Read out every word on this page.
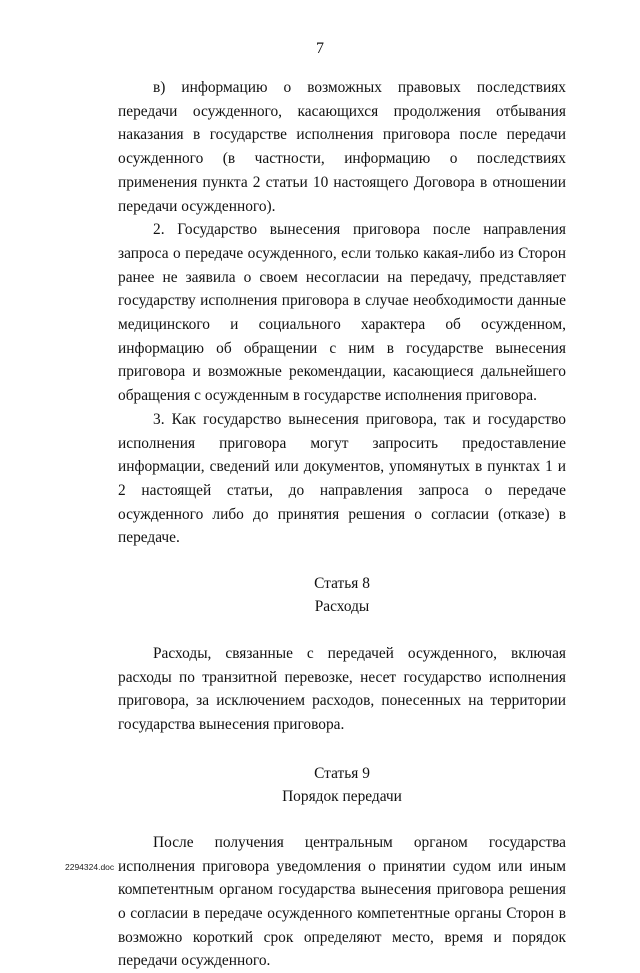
7

в) информацию о возможных правовых последствиях передачи осужденного, касающихся продолжения отбывания наказания в государстве исполнения приговора после передачи осужденного (в частности, информацию о последствиях применения пункта 2 статьи 10 настоящего Договора в отношении передачи осужденного).

2. Государство вынесения приговора после направления запроса о передаче осужденного, если только какая-либо из Сторон ранее не заявила о своем несогласии на передачу, представляет государству исполнения приговора в случае необходимости данные медицинского и социального характера об осужденном, информацию об обращении с ним в государстве вынесения приговора и возможные рекомендации, касающиеся дальнейшего обращения с осужденным в государстве исполнения приговора.

3. Как государство вынесения приговора, так и государство исполнения приговора могут запросить предоставление информации, сведений или документов, упомянутых в пунктах 1 и 2 настоящей статьи, до направления запроса о передаче осужденного либо до принятия решения о согласии (отказе) в передаче.

Статья 8
Расходы

Расходы, связанные с передачей осужденного, включая расходы по транзитной перевозке, несет государство исполнения приговора, за исключением расходов, понесенных на территории государства вынесения приговора.

Статья 9
Порядок передачи

После получения центральным органом государства исполнения приговора уведомления о принятии судом или иным компетентным органом государства вынесения приговора решения о согласии в передаче осужденного компетентные органы Сторон в возможно короткий срок определяют место, время и порядок передачи осужденного.

2294324.doc
